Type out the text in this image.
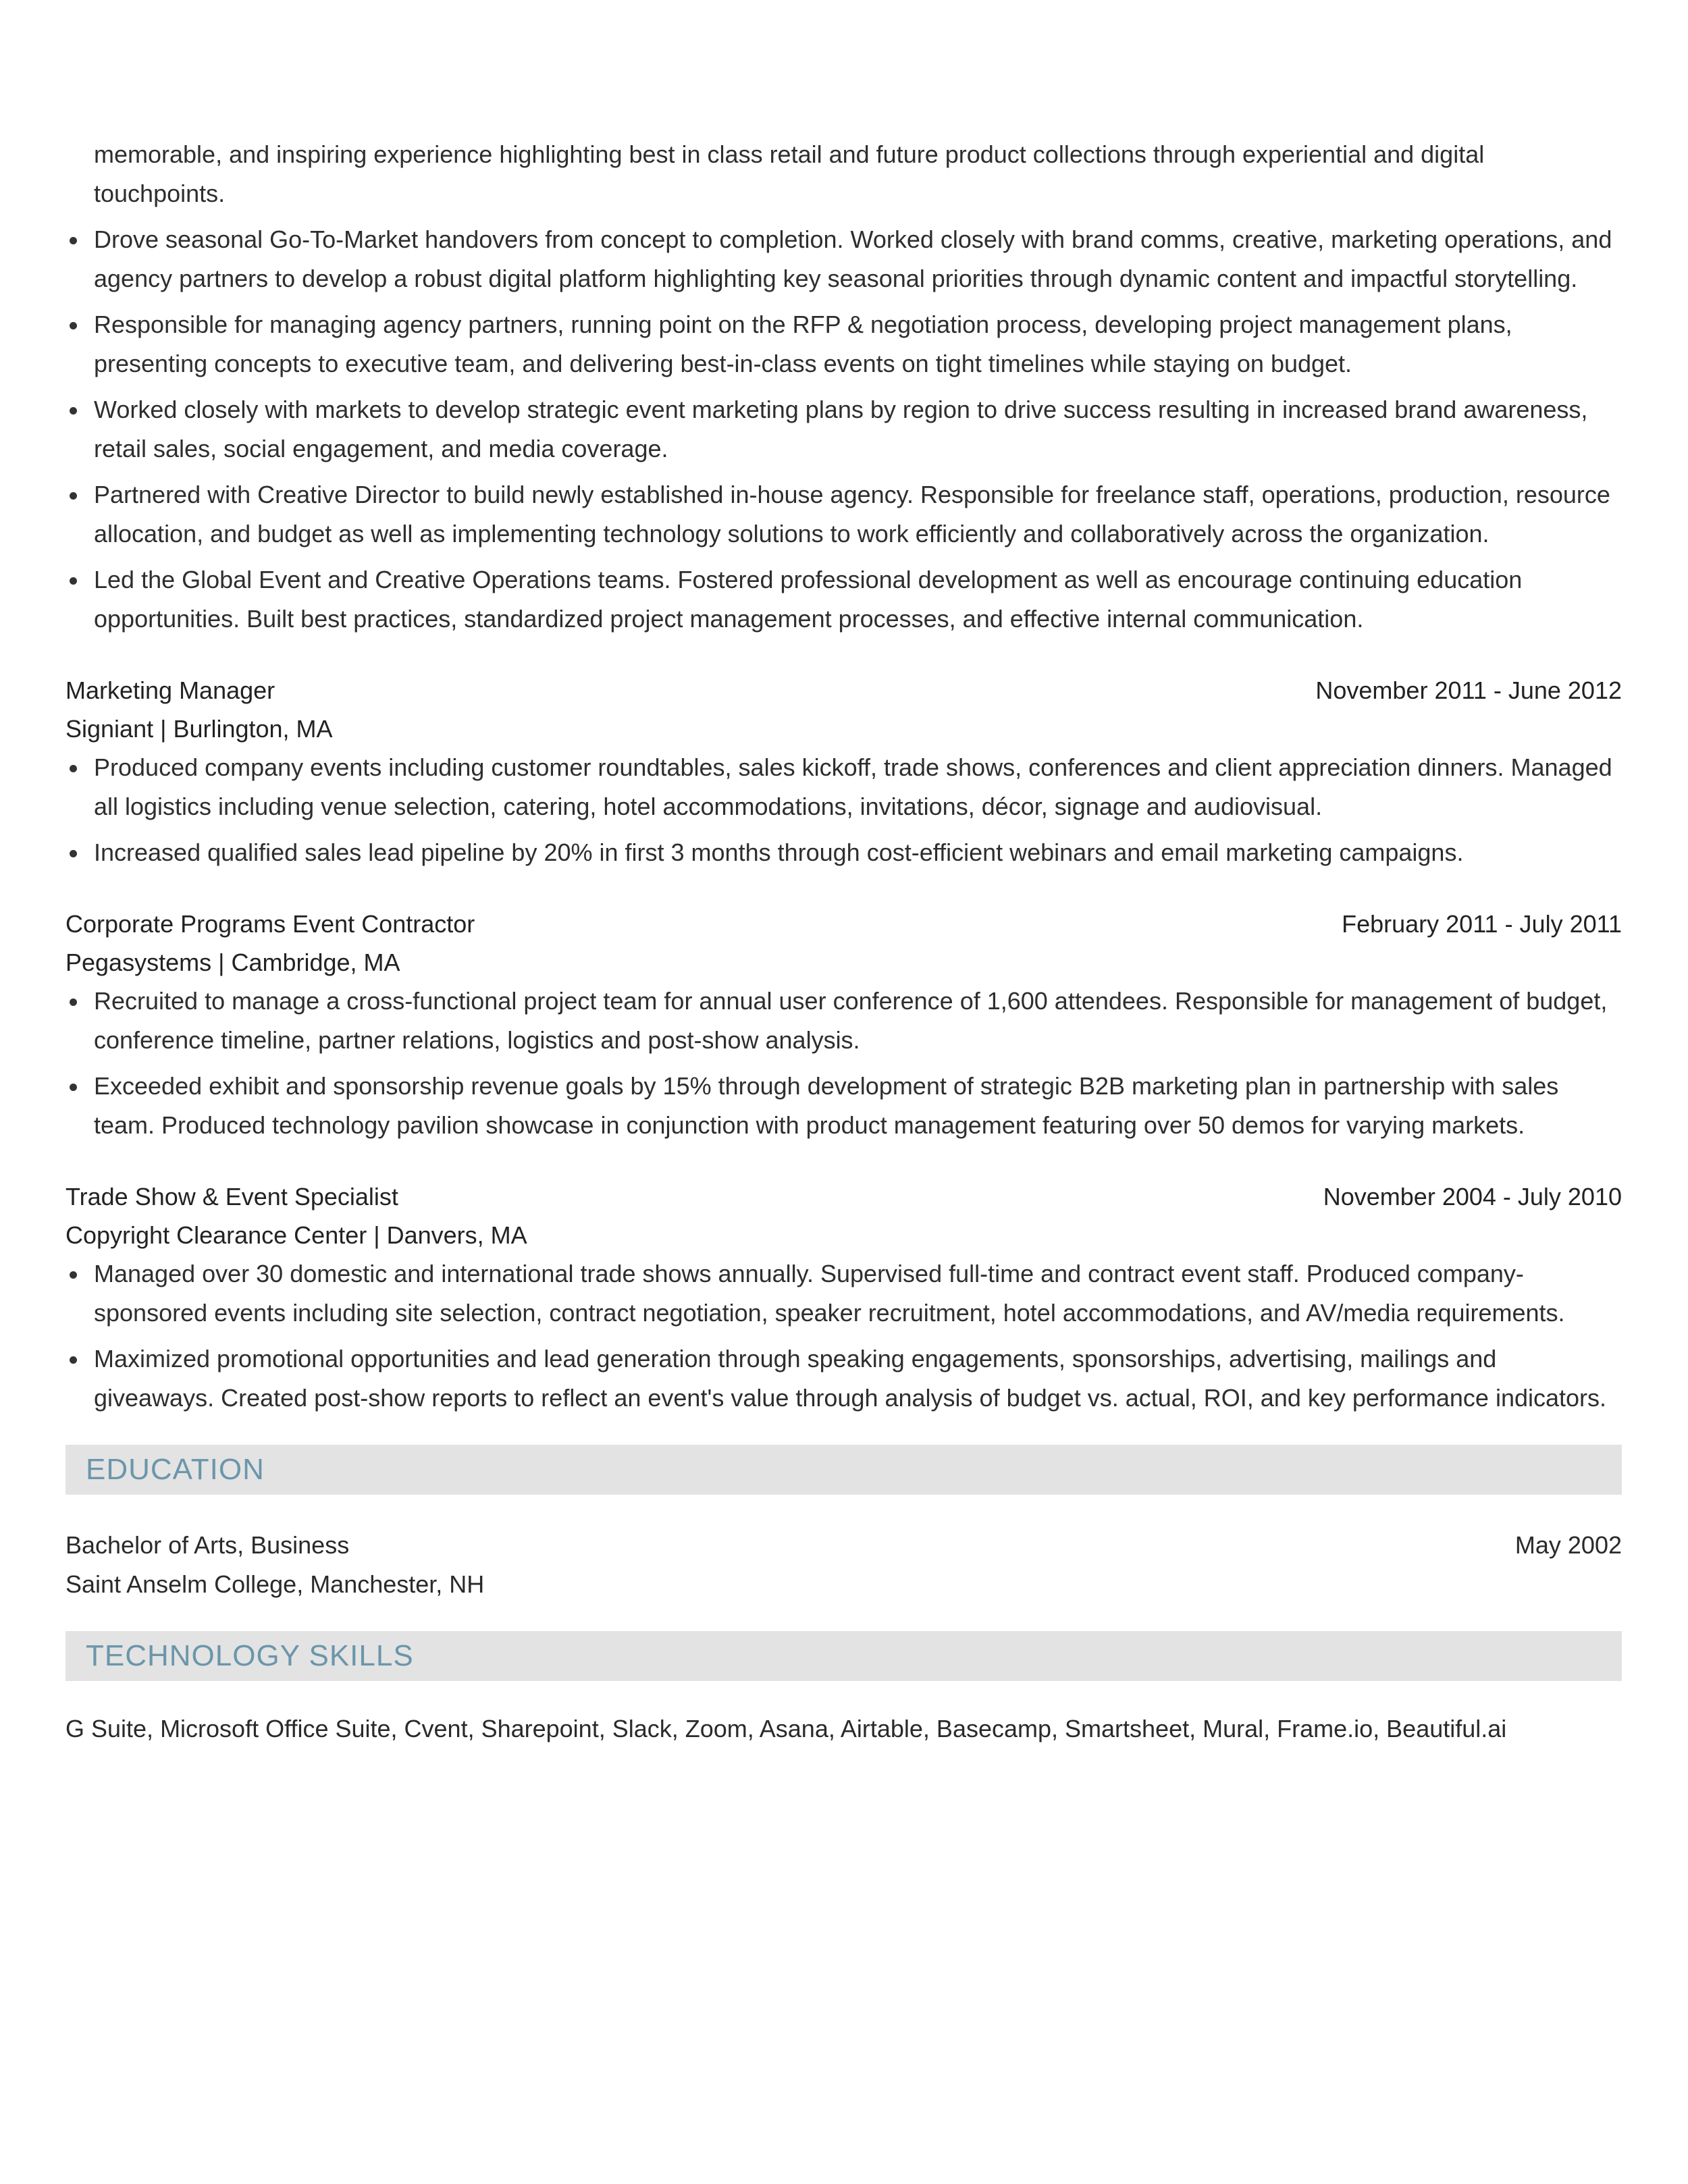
memorable, and inspiring experience highlighting best in class retail and future product collections through experiential and digital touchpoints.
Drove seasonal Go-To-Market handovers from concept to completion. Worked closely with brand comms, creative, marketing operations, and agency partners to develop a robust digital platform highlighting key seasonal priorities through dynamic content and impactful storytelling.
Responsible for managing agency partners, running point on the RFP & negotiation process, developing project management plans, presenting concepts to executive team, and delivering best-in-class events on tight timelines while staying on budget.
Worked closely with markets to develop strategic event marketing plans by region to drive success resulting in increased brand awareness, retail sales, social engagement, and media coverage.
Partnered with Creative Director to build newly established in-house agency. Responsible for freelance staff, operations, production, resource allocation, and budget as well as implementing technology solutions to work efficiently and collaboratively across the organization.
Led the Global Event and Creative Operations teams. Fostered professional development as well as encourage continuing education opportunities. Built best practices, standardized project management processes, and effective internal communication.
Marketing Manager	November 2011 - June 2012
Signiant | Burlington, MA
Produced company events including customer roundtables, sales kickoff, trade shows, conferences and client appreciation dinners. Managed all logistics including venue selection, catering, hotel accommodations, invitations, décor, signage and audiovisual.
Increased qualified sales lead pipeline by 20% in first 3 months through cost-efficient webinars and email marketing campaigns.
Corporate Programs Event Contractor	February 2011 - July 2011
Pegasystems | Cambridge, MA
Recruited to manage a cross-functional project team for annual user conference of 1,600 attendees. Responsible for management of budget, conference timeline, partner relations, logistics and post-show analysis.
Exceeded exhibit and sponsorship revenue goals by 15% through development of strategic B2B marketing plan in partnership with sales team. Produced technology pavilion showcase in conjunction with product management featuring over 50 demos for varying markets.
Trade Show & Event Specialist	November 2004 - July 2010
Copyright Clearance Center | Danvers, MA
Managed over 30 domestic and international trade shows annually. Supervised full-time and contract event staff. Produced company-sponsored events including site selection, contract negotiation, speaker recruitment, hotel accommodations, and AV/media requirements.
Maximized promotional opportunities and lead generation through speaking engagements, sponsorships, advertising, mailings and giveaways. Created post-show reports to reflect an event's value through analysis of budget vs. actual, ROI, and key performance indicators.
EDUCATION
Bachelor of Arts, Business	May 2002
Saint Anselm College, Manchester, NH
TECHNOLOGY SKILLS
G Suite, Microsoft Office Suite, Cvent, Sharepoint, Slack, Zoom, Asana, Airtable, Basecamp, Smartsheet, Mural, Frame.io, Beautiful.ai
